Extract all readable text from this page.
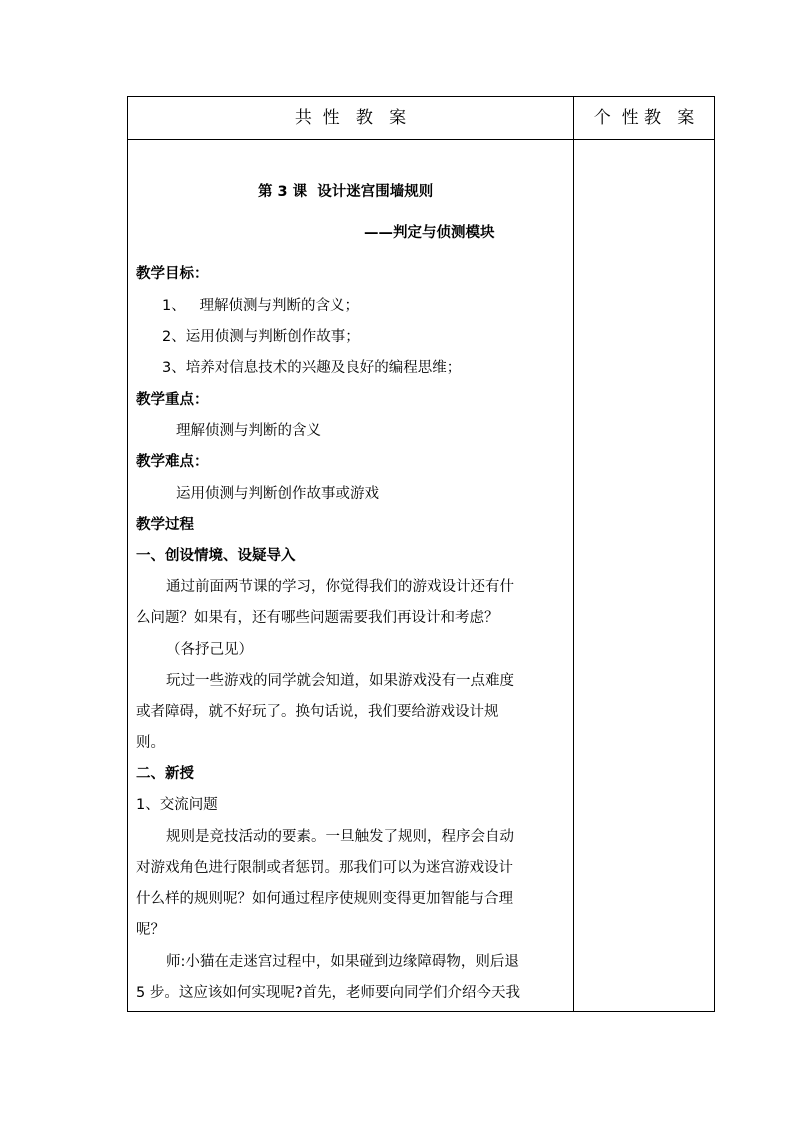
共  性   教   案	个  性 教   案
第 3 课  设计迷宫围墙规则
——判定与侦测模块
教学目标：
1、   理解侦测与判断的含义；
2、运用侦测与判断创作故事；
3、培养对信息技术的兴趣及良好的编程思维；
教学重点：
理解侦测与判断的含义
教学难点：
运用侦测与判断创作故事或游戏
教学过程
一、创设情境、设疑导入
通过前面两节课的学习，你觉得我们的游戏设计还有什
么问题？如果有，还有哪些问题需要我们再设计和考虑？
（各抒己见）
玩过一些游戏的同学就会知道，如果游戏没有一点难度
或者障碍，就不好玩了。换句话说，我们要给游戏设计规
则。
二、新授
1、交流问题
规则是竞技活动的要素。一旦触发了规则，程序会自动
对游戏角色进行限制或者惩罚。那我们可以为迷宫游戏设计
什么样的规则呢？如何通过程序使规则变得更加智能与合理
呢？
师:小猫在走迷宫过程中，如果碰到边缘障碍物，则后退
5 步。这应该如何实现呢?首先，老师要向同学们介绍今天我
